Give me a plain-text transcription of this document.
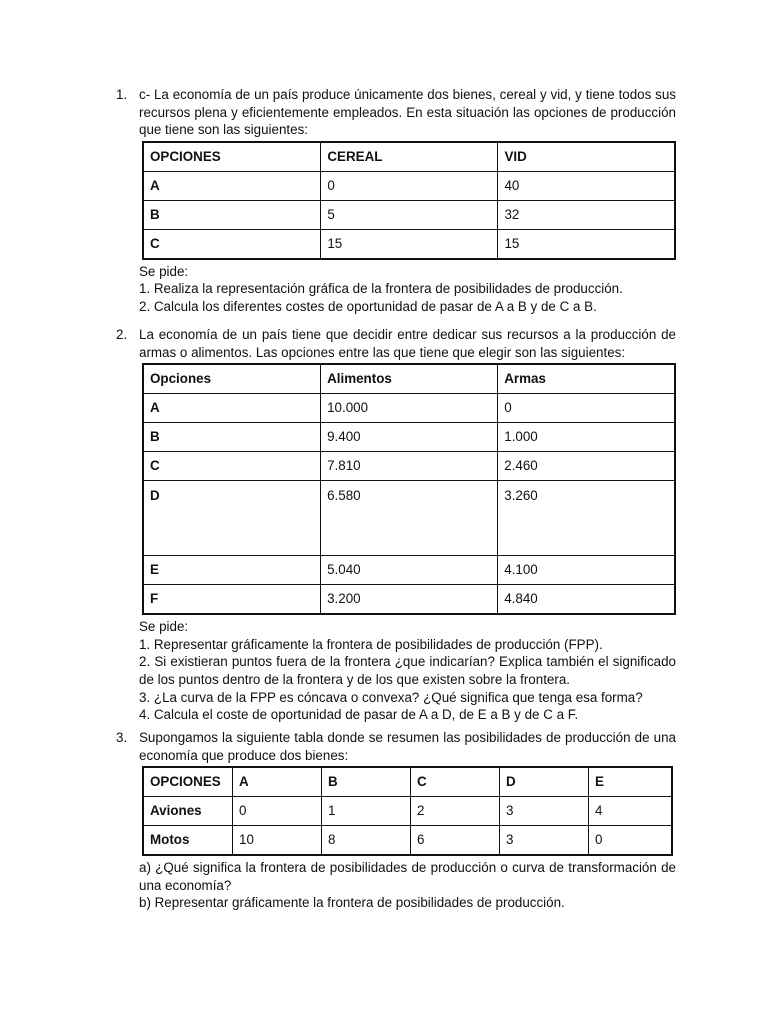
1. c- La economía de un país produce únicamente dos bienes, cereal y vid, y tiene todos sus recursos plena y eficientemente empleados. En esta situación las opciones de producción que tiene son las siguientes:

OPCIONES	CEREAL	VID
A	0	40
B	5	32
C	15	15

Se pide:

1. Realiza la representación gráfica de la frontera de posibilidades de producción.

2. Calcula los diferentes costes de oportunidad de pasar de A a B y de C a B.

2. La economía de un país tiene que decidir entre dedicar sus recursos a la producción de armas o alimentos. Las opciones entre las que tiene que elegir son las siguientes:

Opciones	Alimentos	Armas
A	10.000	0
B	9.400	1.000
C	7.810	2.460
D	6.580	3.260
E	5.040	4.100
F	3.200	4.840

Se pide:

1. Representar gráficamente la frontera de posibilidades de producción (FPP).

2. Si existieran puntos fuera de la frontera ¿que indicarían? Explica también el significado de los puntos dentro de la frontera y de los que existen sobre la frontera.

3. ¿La curva de la FPP es cóncava o convexa? ¿Qué significa que tenga esa forma?

4. Calcula el coste de oportunidad de pasar de A a D, de E a B y de C a F.

3. Supongamos la siguiente tabla donde se resumen las posibilidades de producción de una economía que produce dos bienes:

OPCIONES	A	B	C	D	E
Aviones	0	1	2	3	4
Motos	10	8	6	3	0

a) ¿Qué significa la frontera de posibilidades de producción o curva de transformación de una economía?

b) Representar gráficamente la frontera de posibilidades de producción.
